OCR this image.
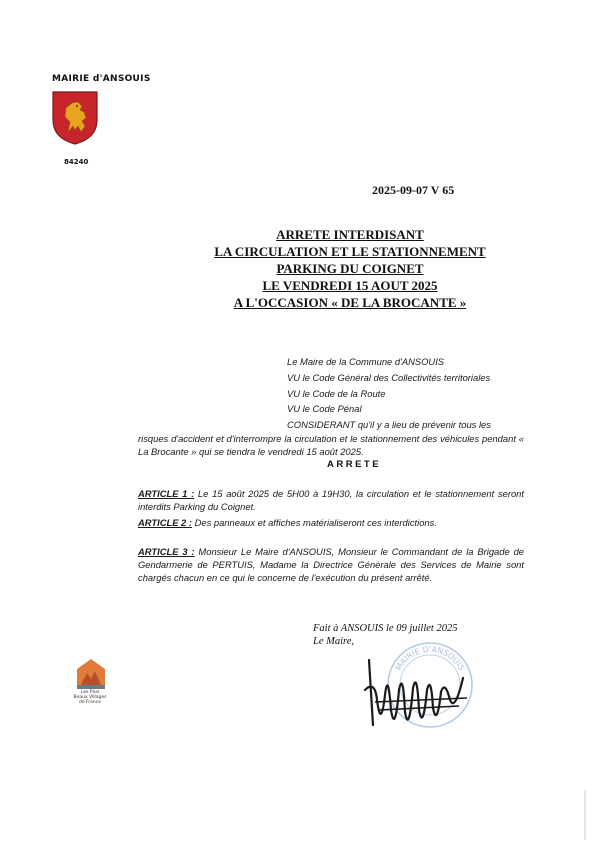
MAIRIE d'ANSOUIS
84240
2025-09-07 V 65
ARRETE INTERDISANT
LA CIRCULATION ET LE STATIONNEMENT
PARKING DU COIGNET
LE VENDREDI 15 AOUT 2025
A L'OCCASION « DE LA BROCANTE »
Le Maire de la Commune d'ANSOUIS
VU le Code Général des Collectivités territoriales
VU le Code de la Route
VU le Code Pénal
CONSIDERANT qu'il y a lieu de prévenir tous les
risques d'accident et d'interrompre la circulation et le stationnement des véhicules pendant « La Brocante » qui se tiendra le vendredi 15 août 2025.
ARRETE
ARTICLE 1 : Le 15 août 2025 de 5H00 à 19H30, la circulation et le stationnement seront interdits Parking du Coignet.
ARTICLE 2 : Des panneaux et affiches matérialiseront ces interdictions.
ARTICLE 3 : Monsieur Le Maire d'ANSOUIS, Monsieur le Commandant de la Brigade de Gendarmerie de PERTUIS, Madame la Directrice Générale des Services de Mairie sont chargés chacun en ce qui le concerne de l'exécution du présent arrêté.
Fait à ANSOUIS le 09 juillet 2025
Le Maire,
MAIRIE D'ANSOUIS
Les Plus
Beaux Villages
de France
